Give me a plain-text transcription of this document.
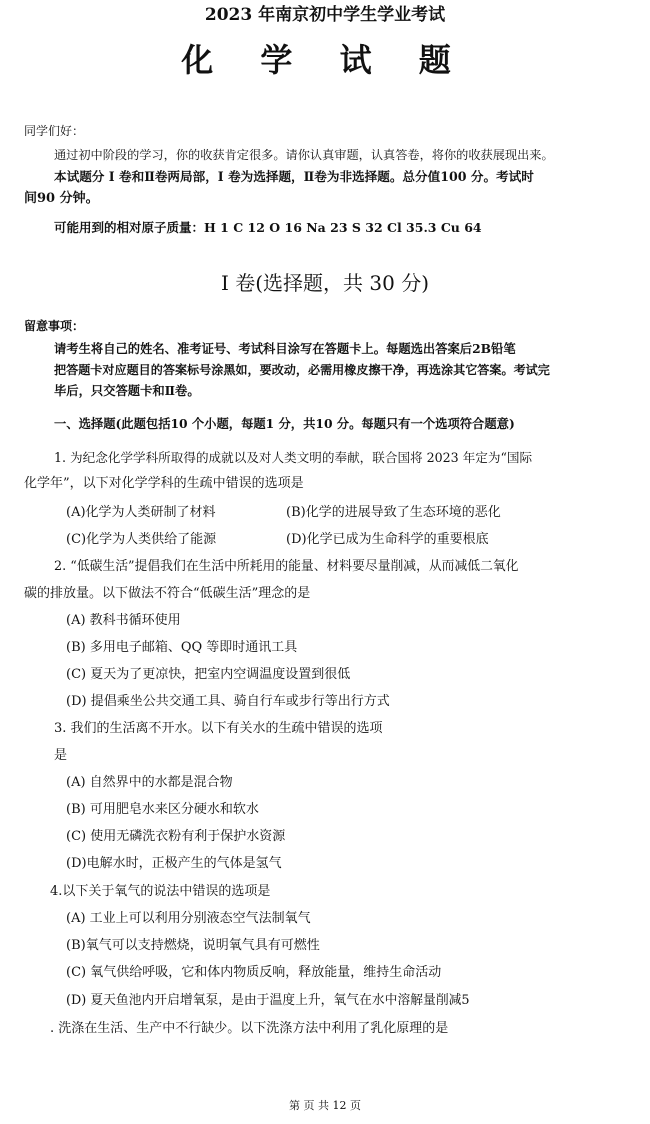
2023 年南京初中学生学业考试
化 学 试 题
同学们好：
通过初中阶段的学习，你的收获肯定很多。请你认真审题，认真答卷，将你的收获展现出来。
本试题分 I 卷和Ⅱ卷两局部，I 卷为选择题，Ⅱ卷为非选择题。总分值100 分。考试时
间90 分钟。
可能用到的相对原子质量：H 1 C 12 O 16 Na 23 S 32 Cl 35.3 Cu 64
I 卷(选择题，共 30 分)
留意事项：
请考生将自己的姓名、准考证号、考试科目涂写在答题卡上。每题选出答案后2B铅笔
把答题卡对应题目的答案标号涂黑如，要改动，必需用橡皮擦干净，再选涂其它答案。考试完
毕后，只交答题卡和Ⅱ卷。
一、选择题(此题包括10 个小题，每题1 分，共10 分。每题只有一个选项符合题意)
1. 为纪念化学学科所取得的成就以及对人类文明的奉献，联合国将 2023 年定为“国际
化学年”，以下对化学学科的生疏中错误的选项是
(A)化学为人类研制了材料	(B)化学的进展导致了生态环境的恶化
(C)化学为人类供给了能源	(D)化学已成为生命科学的重要根底
2. “低碳生活”提倡我们在生活中所耗用的能量、材料要尽量削减，从而减低二氧化
碳的排放量。以下做法不符合“低碳生活”理念的是
(A) 教科书循环使用
(B) 多用电子邮箱、QQ 等即时通讯工具
(C) 夏天为了更凉快，把室内空调温度设置到很低
(D) 提倡乘坐公共交通工具、骑自行车或步行等出行方式
3. 我们的生活离不开水。以下有关水的生疏中错误的选项
是
(A) 自然界中的水都是混合物
(B) 可用肥皂水来区分硬水和软水
(C) 使用无磷洗衣粉有利于保护水资源
(D)电解水时，正极产生的气体是氢气
4.以下关于氧气的说法中错误的选项是
(A) 工业上可以利用分别液态空气法制氧气
(B)氧气可以支持燃烧，说明氧气具有可燃性
(C) 氧气供给呼吸，它和体内物质反响，释放能量，维持生命活动
(D) 夏天鱼池内开启增氧泵，是由于温度上升，氧气在水中溶解量削减5
. 洗涤在生活、生产中不行缺少。以下洗涤方法中利用了乳化原理的是
第 页 共 12 页
